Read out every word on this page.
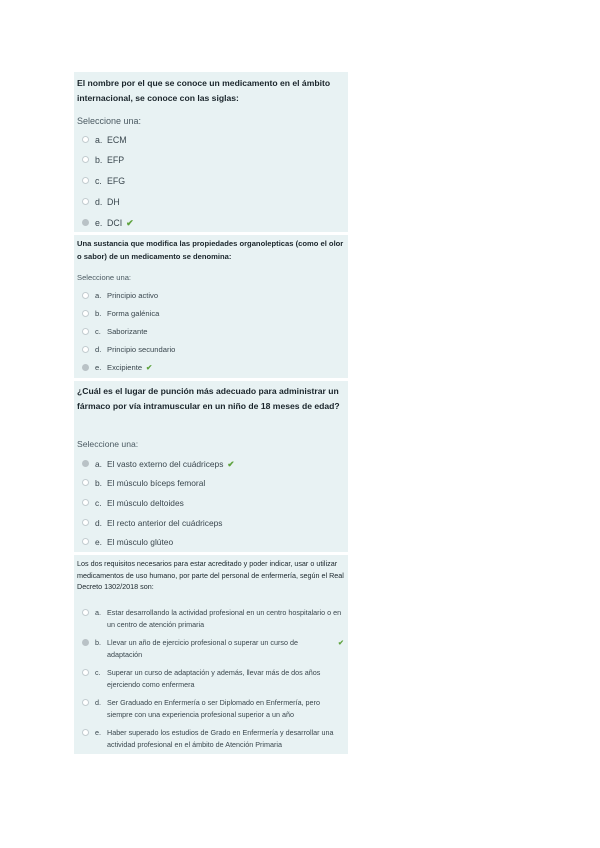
El nombre por el que se conoce un medicamento en el ámbito internacional, se conoce con las siglas:
Seleccione una:
a. ECM
b. EFP
c. EFG
d. DH
e. DCI ✔
Una sustancia que modifica las propiedades organolepticas (como el olor o sabor) de un medicamento se denomina:
Seleccione una:
a. Principio activo
b. Forma galénica
c. Saborizante
d. Principio secundario
e. Excipiente ✔
¿Cuál es el lugar de punción más adecuado para administrar un fármaco por vía intramuscular en un niño de 18 meses de edad?
Seleccione una:
a. El vasto externo del cuádriceps ✔
b. El músculo bíceps femoral
c. El músculo deltoides
d. El recto anterior del cuádriceps
e. El músculo glúteo
Los dos requisitos necesarios para estar acreditado y poder indicar, usar o utilizar medicamentos de uso humano, por parte del personal de enfermería, según el Real Decreto 1302/2018 son:
a. Estar desarrollando la actividad profesional en un centro hospitalario o en un centro de atención primaria
b. Llevar un año de ejercicio profesional o superar un curso de adaptación
✔
c. Superar un curso de adaptación y además, llevar más de dos años ejerciendo como enfermera
d. Ser Graduado en Enfermería o ser Diplomado en Enfermería, pero siempre con una experiencia profesional superior a un año
e. Haber superado los estudios de Grado en Enfermería y desarrollar una actividad profesional en el ámbito de Atención Primaria
